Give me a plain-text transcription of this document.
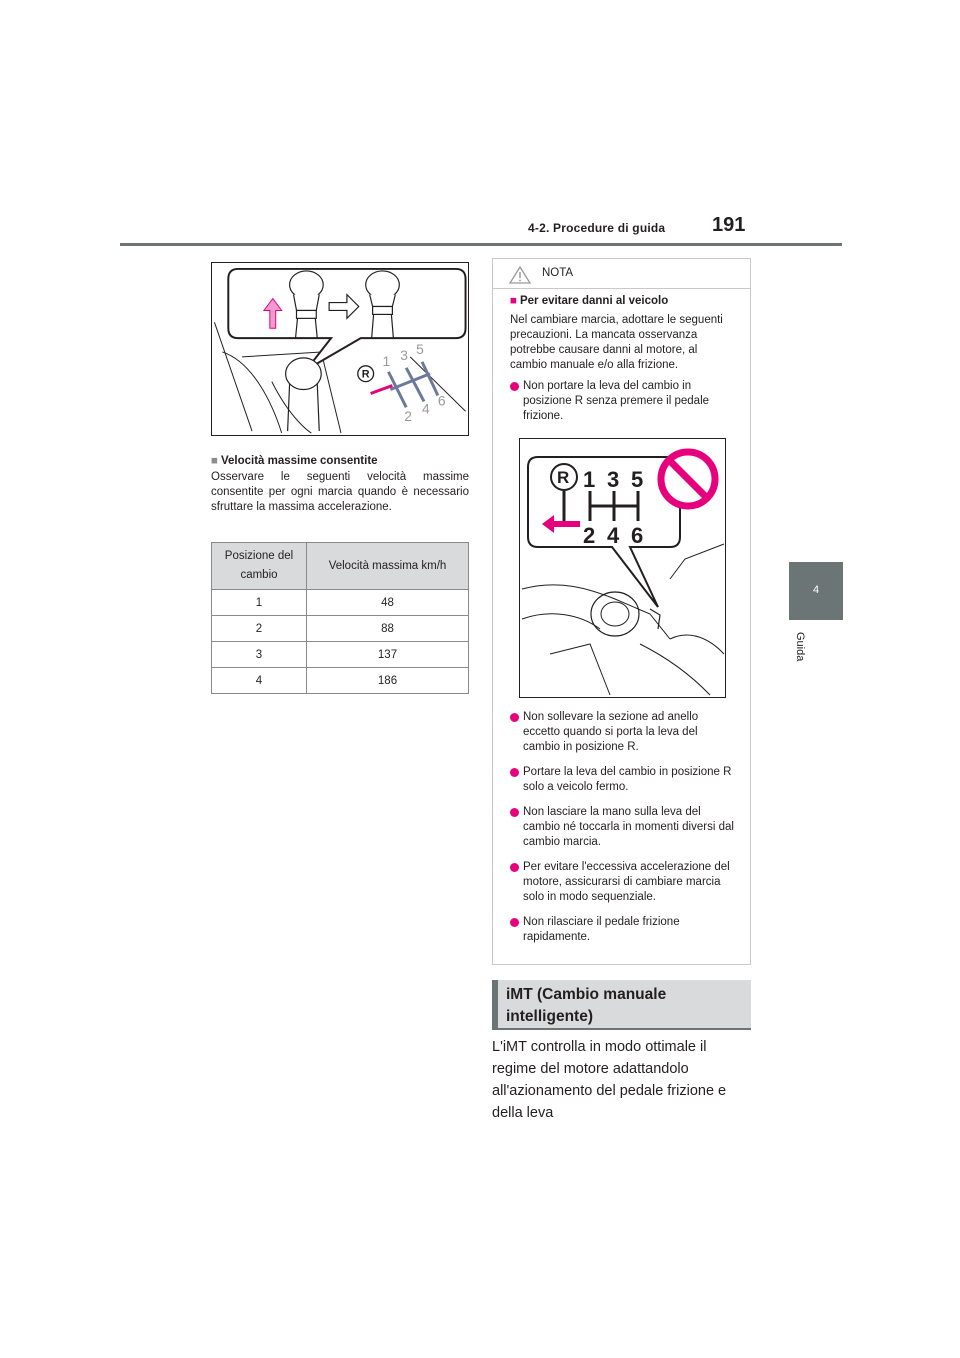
4-2. Procedure di guida 191
4
Guida
R
1 3 5
2 4 6
■ Velocità massime consentite
Osservare le seguenti velocità massime consentite per ogni marcia quando è necessario sfruttare la massima accelerazione.
Posizione del cambio	Velocità massima km/h
1	48
2	88
3	137
4	186
NOTA
■ Per evitare danni al veicolo
Nel cambiare marcia, adottare le seguenti precauzioni. La mancata osservanza potrebbe causare danni al motore, al cambio manuale e/o alla frizione.
Non portare la leva del cambio in posizione R senza premere il pedale frizione.
R 1 3 5
2 4 6
Non sollevare la sezione ad anello eccetto quando si porta la leva del cambio in posizione R.
Portare la leva del cambio in posizione R solo a veicolo fermo.
Non lasciare la mano sulla leva del cambio né toccarla in momenti diversi dal cambio marcia.
Per evitare l'eccessiva accelerazione del motore, assicurarsi di cambiare marcia solo in modo sequenziale.
Non rilasciare il pedale frizione rapidamente.
iMT (Cambio manuale intelligente)
L'iMT controlla in modo ottimale il regime del motore adattandolo all'azionamento del pedale frizione e della leva
